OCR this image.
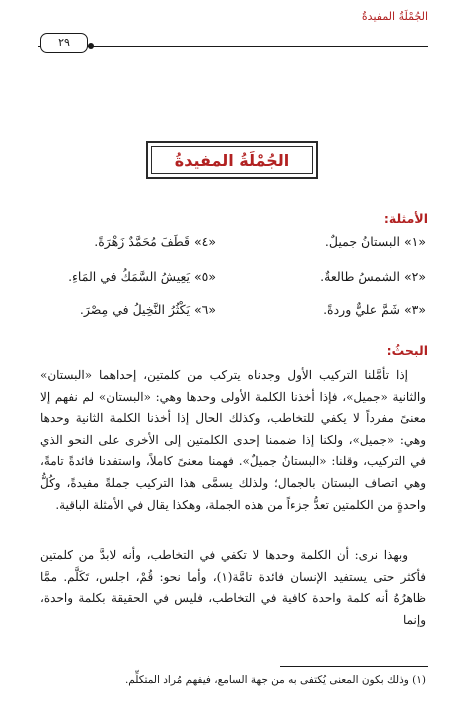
الجُمْلَةُ المفيدةُ
٢٩
الجُمْلَةُ المفيدةُ
الأمثلة:
«١» البستانُ جميلٌ.
«٢» الشمسُ طالعةٌ.
«٣» شَمَّ عليٌّ وردةً.
«٤» قَطَفَ مُحَمَّدٌ زَهْرَةً.
«٥» يَعِيشُ السَّمَكُ في المَاءِ.
«٦» يَكْثُرُ النَّخِيلُ في مِصْرَ.
البحثُ:
إذا تأمَّلنا التركيب الأول وجدناه يتركب من كلمتين، إحداهما «البستان» والثانية «جميل»، فإذا أخذنا الكلمة الأولى وحدها وهي: «البستان» لم نفهم إلا معنىً مفرداً لا يكفي للتخاطب، وكذلك الحال إذا أخذنا الكلمة الثانية وحدها وهي: «جميل»، ولكنا إذا ضممنا إحدى الكلمتين إلى الأخرى على النحو الذي في التركيب، وقلنا: «البستانُ جميلٌ». فهمنا معنىً كاملاً، واستفدنا فائدةً تامةً، وهي اتصاف البستان بالجمال؛ ولذلك يسمَّى هذا التركيب جملةً مفيدةً، وكُلُّ واحدةٍ من الكلمتين تعدُّ جزءاً من هذه الجملة، وهكذا يقال في الأمثلة الباقية.
وبهذا نرى: أن الكلمة وحدها لا تكفي في التخاطب، وأنه لابدَّ من كلمتين فأكثر حتى يستفيد الإنسان فائدة تامَّة(١)، وأما نحو: قُمْ، اجلس، تَكَلَّم. ممَّا ظاهرُهُ أنه كلمة واحدة كافية في التخاطب، فليس في الحقيقة بكلمة واحدة، وإنما
(١) وذلك بكون المعنى يُكتفى به من جهة السامع، فيفهم مُراد المتكلِّم.
